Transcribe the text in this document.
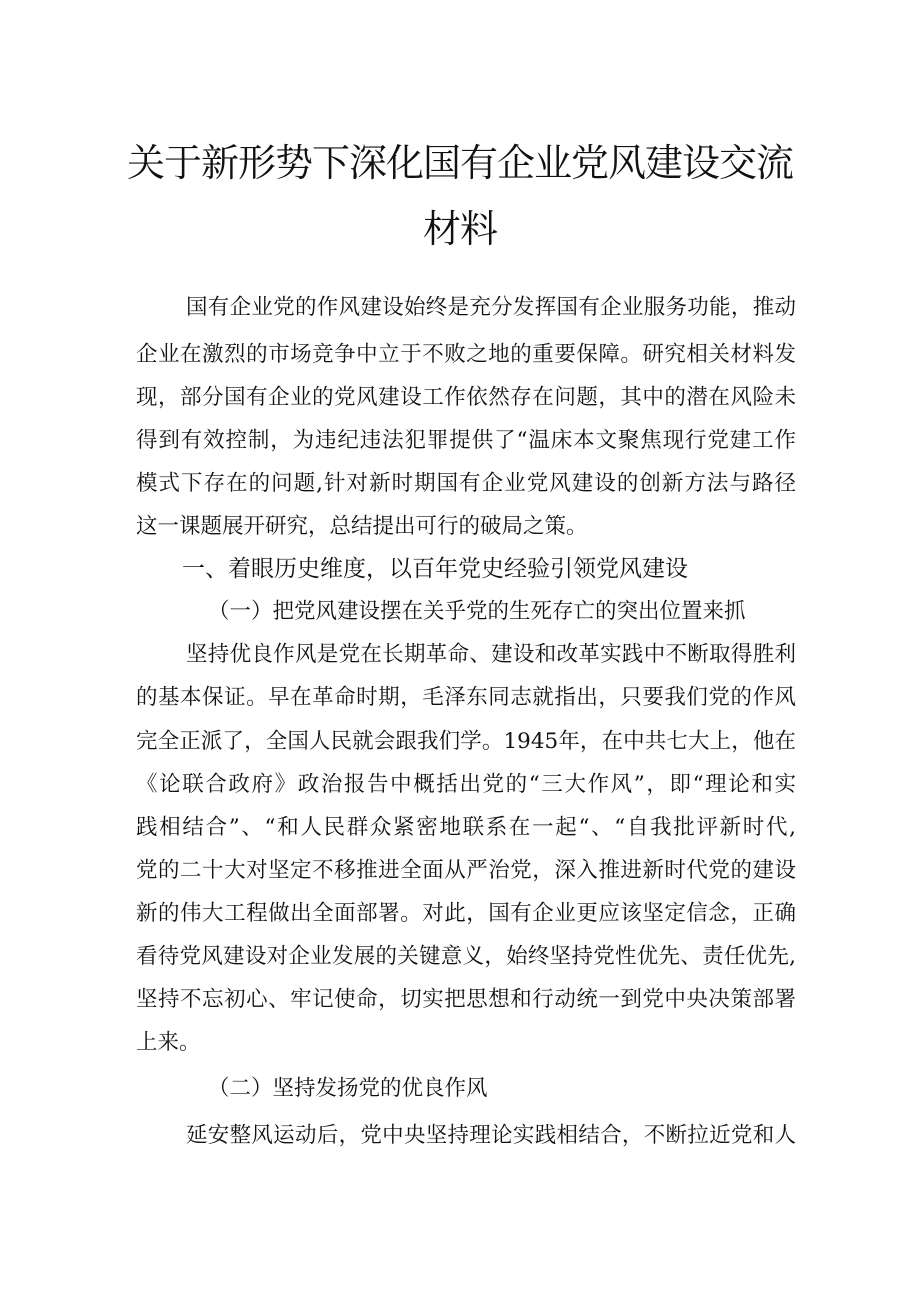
关于新形势下深化国有企业党风建设交流
材料
国有企业党的作风建设始终是充分发挥国有企业服务功能，推动
企业在激烈的市场竞争中立于不败之地的重要保障。研究相关材料发
现，部分国有企业的党风建设工作依然存在问题，其中的潜在风险未
得到有效控制，为违纪违法犯罪提供了“温床本文聚焦现行党建工作
模式下存在的问题,针对新时期国有企业党风建设的创新方法与路径
这一课题展开研究，总结提出可行的破局之策。
一、着眼历史维度，以百年党史经验引领党风建设
（一）把党风建设摆在关乎党的生死存亡的突出位置来抓
坚持优良作风是党在长期革命、建设和改革实践中不断取得胜利
的基本保证。早在革命时期，毛泽东同志就指出，只要我们党的作风
完全正派了，全国人民就会跟我们学。1945年，在中共七大上，他在
《论联合政府》政治报告中概括出党的“三大作风”，即“理论和实
践相结合”、“和人民群众紧密地联系在一起“、“自我批评新时代,
党的二十大对坚定不移推进全面从严治党，深入推进新时代党的建设
新的伟大工程做出全面部署。对此，国有企业更应该坚定信念，正确
看待党风建设对企业发展的关键意义，始终坚持党性优先、责任优先,
坚持不忘初心、牢记使命，切实把思想和行动统一到党中央决策部署
上来。
（二）坚持发扬党的优良作风
延安整风运动后，党中央坚持理论实践相结合，不断拉近党和人
